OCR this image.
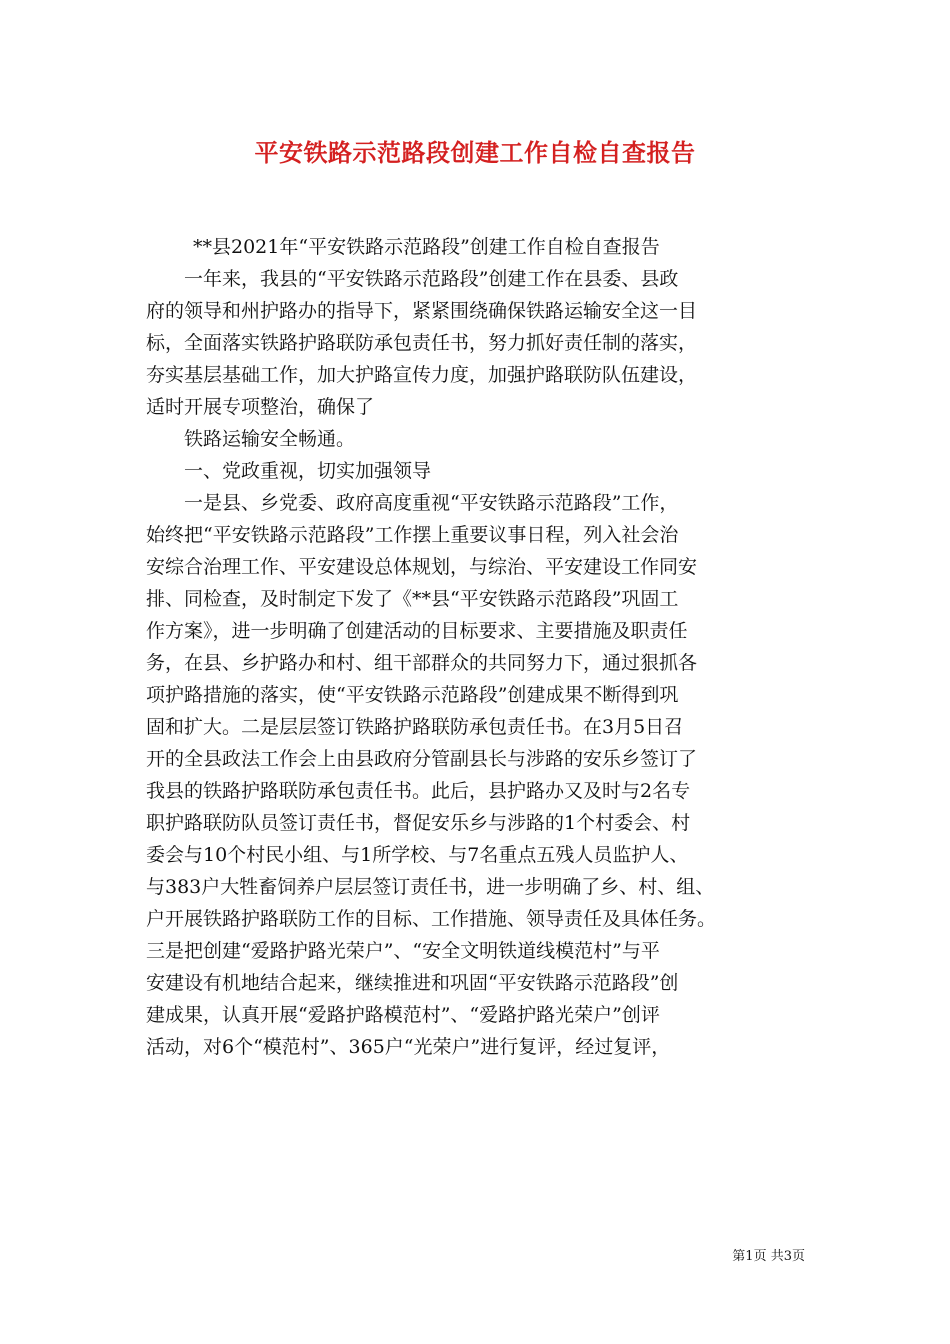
平安铁路示范路段创建工作自检自查报告
**县2021年“平安铁路示范路段”创建工作自检自查报告
一年来，我县的“平安铁路示范路段”创建工作在县委、县政
府的领导和州护路办的指导下，紧紧围绕确保铁路运输安全这一目
标，全面落实铁路护路联防承包责任书，努力抓好责任制的落实，
夯实基层基础工作，加大护路宣传力度，加强护路联防队伍建设，
适时开展专项整治，确保了
铁路运输安全畅通。
一、党政重视，切实加强领导
一是县、乡党委、政府高度重视“平安铁路示范路段”工作，
始终把“平安铁路示范路段”工作摆上重要议事日程，列入社会治
安综合治理工作、平安建设总体规划，与综治、平安建设工作同安
排、同检查，及时制定下发了《**县“平安铁路示范路段”巩固工
作方案》，进一步明确了创建活动的目标要求、主要措施及职责任
务，在县、乡护路办和村、组干部群众的共同努力下，通过狠抓各
项护路措施的落实，使“平安铁路示范路段”创建成果不断得到巩
固和扩大。二是层层签订铁路护路联防承包责任书。在3月5日召
开的全县政法工作会上由县政府分管副县长与涉路的安乐乡签订了
我县的铁路护路联防承包责任书。此后，县护路办又及时与2名专
职护路联防队员签订责任书，督促安乐乡与涉路的1个村委会、村
委会与10个村民小组、与1所学校、与7名重点五残人员监护人、
与383户大牲畜饲养户层层签订责任书，进一步明确了乡、村、组、
户开展铁路护路联防工作的目标、工作措施、领导责任及具体任务。
三是把创建“爱路护路光荣户”、“安全文明铁道线模范村”与平
安建设有机地结合起来，继续推进和巩固“平安铁路示范路段”创
建成果，认真开展“爱路护路模范村”、“爱路护路光荣户”创评
活动，对6个“模范村”、365户“光荣户”进行复评，经过复评，
第1页 共3页
